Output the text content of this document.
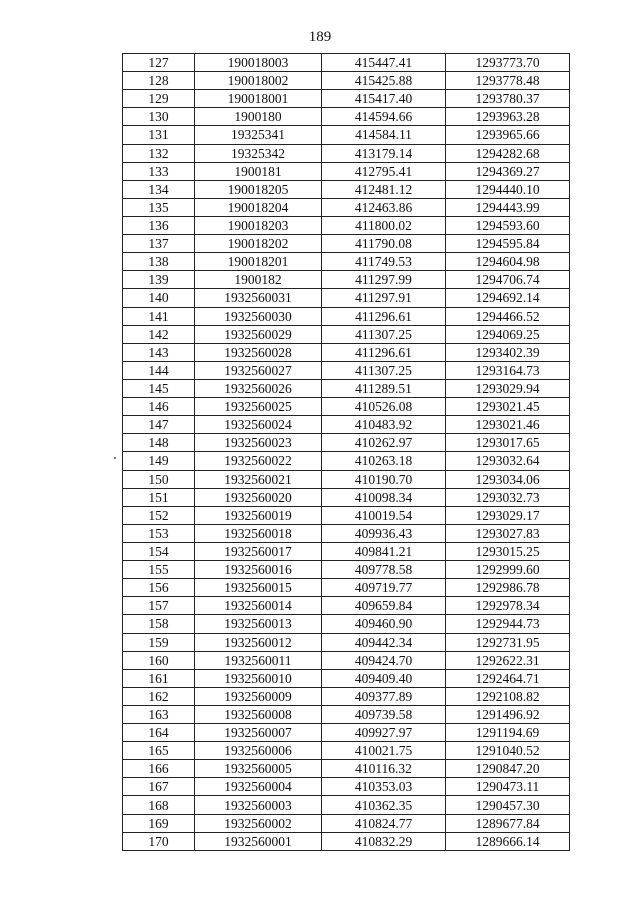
189
127	190018003	415447.41	1293773.70
128	190018002	415425.88	1293778.48
129	190018001	415417.40	1293780.37
130	1900180	414594.66	1293963.28
131	19325341	414584.11	1293965.66
132	19325342	413179.14	1294282.68
133	1900181	412795.41	1294369.27
134	190018205	412481.12	1294440.10
135	190018204	412463.86	1294443.99
136	190018203	411800.02	1294593.60
137	190018202	411790.08	1294595.84
138	190018201	411749.53	1294604.98
139	1900182	411297.99	1294706.74
140	1932560031	411297.91	1294692.14
141	1932560030	411296.61	1294466.52
142	1932560029	411307.25	1294069.25
143	1932560028	411296.61	1293402.39
144	1932560027	411307.25	1293164.73
145	1932560026	411289.51	1293029.94
146	1932560025	410526.08	1293021.45
147	1932560024	410483.92	1293021.46
148	1932560023	410262.97	1293017.65
149	1932560022	410263.18	1293032.64
150	1932560021	410190.70	1293034.06
151	1932560020	410098.34	1293032.73
152	1932560019	410019.54	1293029.17
153	1932560018	409936.43	1293027.83
154	1932560017	409841.21	1293015.25
155	1932560016	409778.58	1292999.60
156	1932560015	409719.77	1292986.78
157	1932560014	409659.84	1292978.34
158	1932560013	409460.90	1292944.73
159	1932560012	409442.34	1292731.95
160	1932560011	409424.70	1292622.31
161	1932560010	409409.40	1292464.71
162	1932560009	409377.89	1292108.82
163	1932560008	409739.58	1291496.92
164	1932560007	409927.97	1291194.69
165	1932560006	410021.75	1291040.52
166	1932560005	410116.32	1290847.20
167	1932560004	410353.03	1290473.11
168	1932560003	410362.35	1290457.30
169	1932560002	410824.77	1289677.84
170	1932560001	410832.29	1289666.14
